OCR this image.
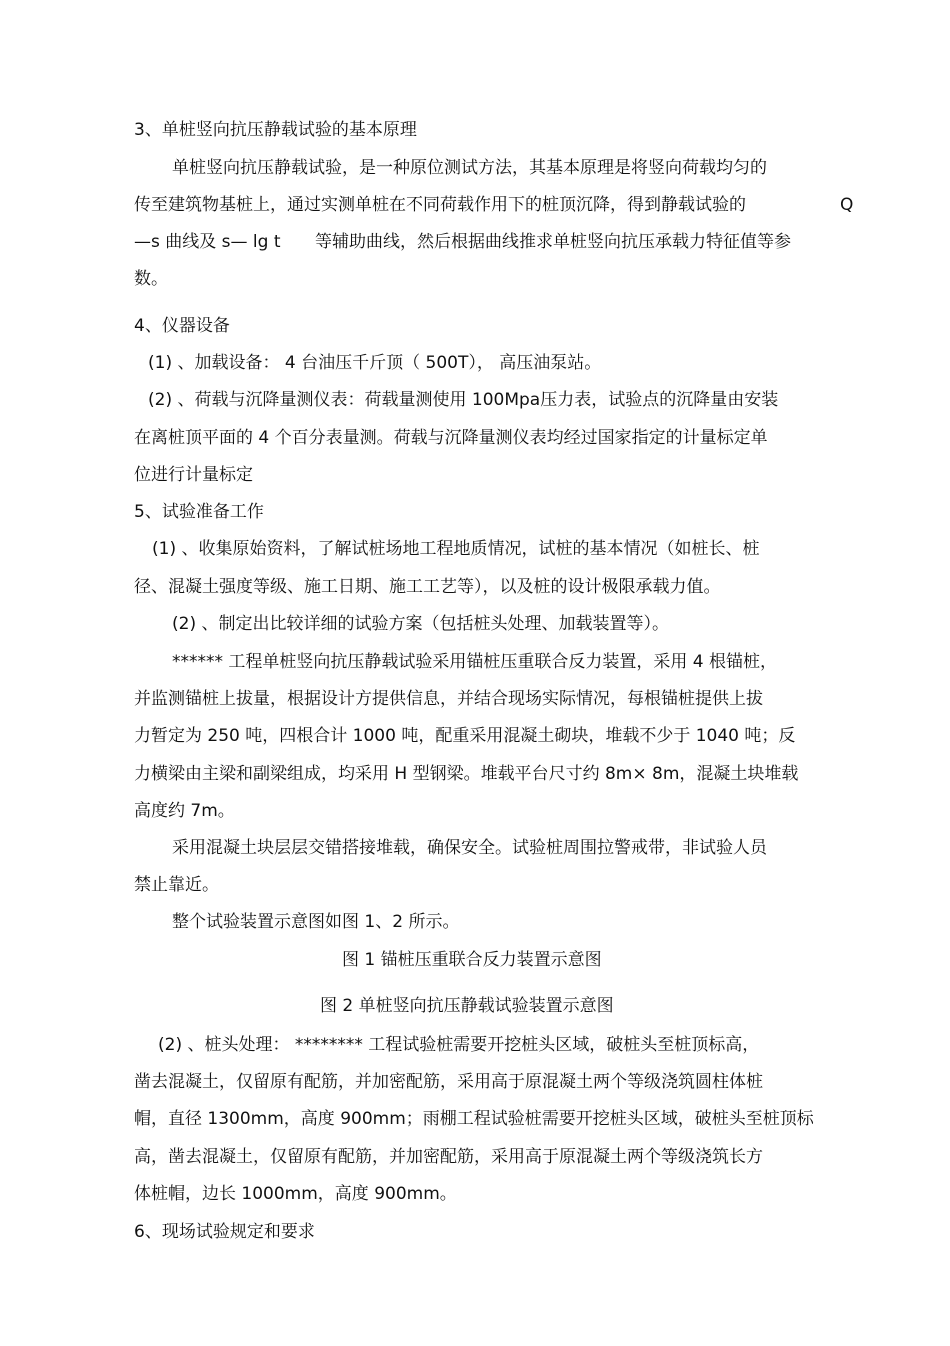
3、单桩竖向抗压静载试验的基本原理
单桩竖向抗压静载试验，是一种原位测试方法，其基本原理是将竖向荷载均匀的
传至建筑物基桩上，通过实测单桩在不同荷载作用下的桩顶沉降，得到静载试验的	Q
—s 曲线及 s— lg t 等辅助曲线，然后根据曲线推求单桩竖向抗压承载力特征值等参
数。
4、仪器设备
(1) 、加载设备： 4 台油压千斤顶（ 500T）， 高压油泵站。
(2) 、荷载与沉降量测仪表：荷载量测使用 100Mpa压力表，试验点的沉降量由安装
在离桩顶平面的 4 个百分表量测。荷载与沉降量测仪表均经过国家指定的计量标定单
位进行计量标定
5、试验准备工作
(1) 、收集原始资料，了解试桩场地工程地质情况，试桩的基本情况（如桩长、桩
径、混凝土强度等级、施工日期、施工工艺等），以及桩的设计极限承载力值。
(2) 、制定出比较详细的试验方案（包括桩头处理、加载装置等）。
****** 工程单桩竖向抗压静载试验采用锚桩压重联合反力装置，采用 4 根锚桩，
并监测锚桩上拔量，根据设计方提供信息，并结合现场实际情况，每根锚桩提供上拔
力暂定为 250 吨，四根合计 1000 吨，配重采用混凝土砌块，堆载不少于 1040 吨；反
力横梁由主梁和副梁组成，均采用 H 型钢梁。堆载平台尺寸约 8m× 8m，混凝土块堆载
高度约 7m。
采用混凝土块层层交错搭接堆载，确保安全。试验桩周围拉警戒带，非试验人员
禁止靠近。
整个试验装置示意图如图 1、2 所示。
图 1 锚桩压重联合反力装置示意图
图 2 单桩竖向抗压静载试验装置示意图
(2) 、桩头处理： ******** 工程试验桩需要开挖桩头区域，破桩头至桩顶标高，
凿去混凝土，仅留原有配筋，并加密配筋，采用高于原混凝土两个等级浇筑圆柱体桩
帽，直径 1300mm，高度 900mm；雨棚工程试验桩需要开挖桩头区域，破桩头至桩顶标
高，凿去混凝土，仅留原有配筋，并加密配筋，采用高于原混凝土两个等级浇筑长方
体桩帽，边长 1000mm，高度 900mm。
6、现场试验规定和要求
